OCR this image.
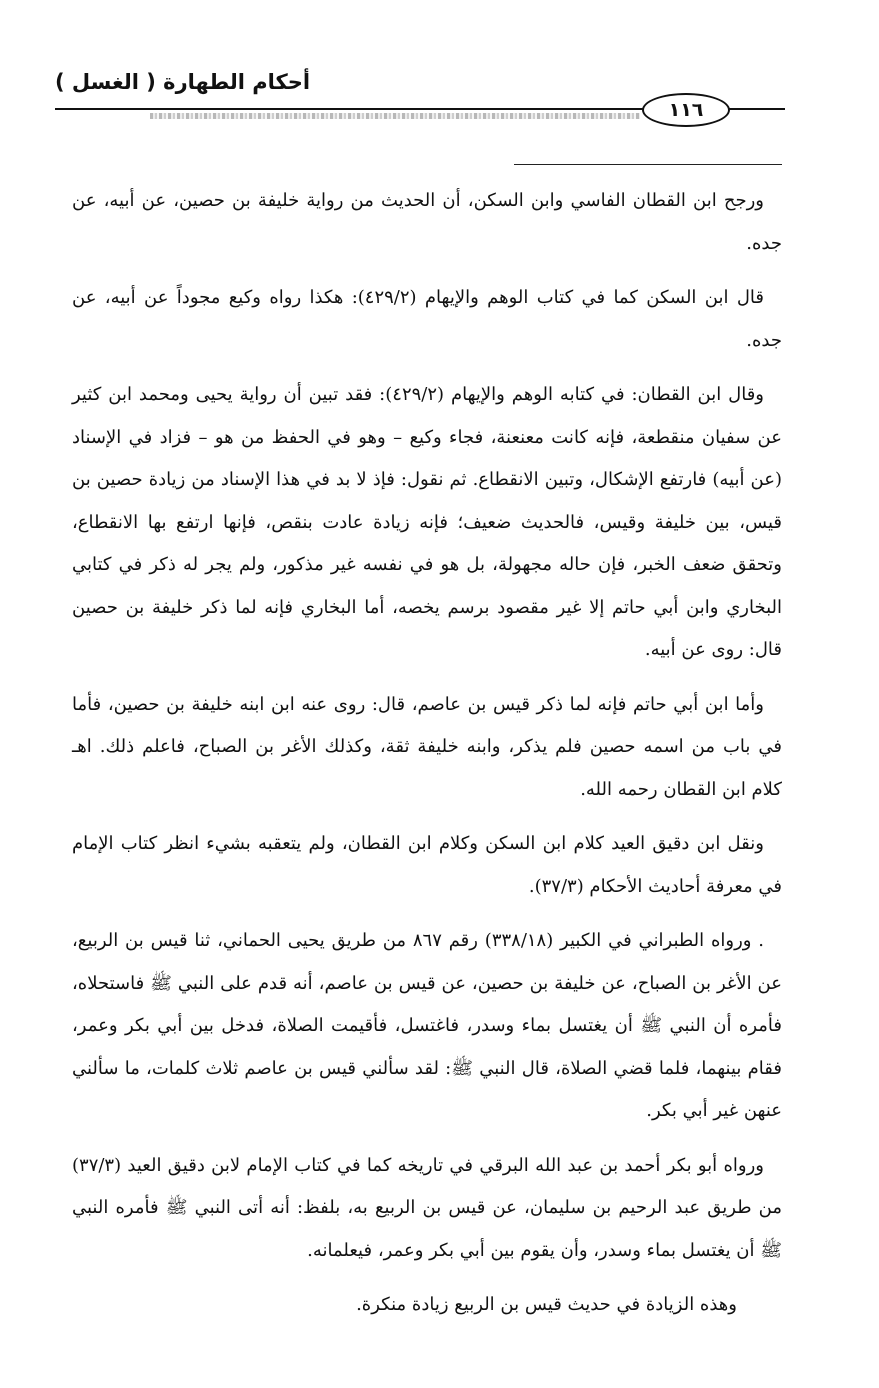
أحكام الطهارة ( الغسل )
١١٦

ورجح ابن القطان الفاسي وابن السكن، أن الحديث من رواية خليفة بن حصين، عن أبيه، عن جده.

قال ابن السكن كما في كتاب الوهم والإيهام (٤٢٩/٢): هكذا رواه وكيع مجوداً عن أبيه، عن جده.

وقال ابن القطان: في كتابه الوهم والإيهام (٤٢٩/٢): فقد تبين أن رواية يحيى ومحمد ابن كثير عن سفيان منقطعة، فإنه كانت معنعنة، فجاء وكيع – وهو في الحفظ من هو – فزاد في الإسناد (عن أبيه) فارتفع الإشكال، وتبين الانقطاع. ثم نقول: فإذ لا بد في هذا الإسناد من زيادة حصين بن قيس، بين خليفة وقيس، فالحديث ضعيف؛ فإنه زيادة عادت بنقص، فإنها ارتفع بها الانقطاع، وتحقق ضعف الخبر، فإن حاله مجهولة، بل هو في نفسه غير مذكور، ولم يجر له ذكر في كتابي البخاري وابن أبي حاتم إلا غير مقصود برسم يخصه، أما البخاري فإنه لما ذكر خليفة بن حصين قال: روى عن أبيه.

وأما ابن أبي حاتم فإنه لما ذكر قيس بن عاصم، قال: روى عنه ابن ابنه خليفة بن حصين، فأما في باب من اسمه حصين فلم يذكر، وابنه خليفة ثقة، وكذلك الأغر بن الصباح، فاعلم ذلك. اهـ كلام ابن القطان رحمه الله.

ونقل ابن دقيق العيد كلام ابن السكن وكلام ابن القطان، ولم يتعقبه بشيء انظر كتاب الإمام في معرفة أحاديث الأحكام (٣٧/٣).

. ورواه الطبراني في الكبير (٣٣٨/١٨) رقم ٨٦٧ من طريق يحيى الحماني، ثنا قيس بن الربيع، عن الأغر بن الصباح، عن خليفة بن حصين، عن قيس بن عاصم، أنه قدم على النبي ﷺ فاستحلاه، فأمره أن النبي ﷺ أن يغتسل بماء وسدر، فاغتسل، فأقيمت الصلاة، فدخل بين أبي بكر وعمر، فقام بينهما، فلما قضي الصلاة، قال النبي ﷺ: لقد سألني قيس بن عاصم ثلاث كلمات، ما سألني عنهن غير أبي بكر.

ورواه أبو بكر أحمد بن عبد الله البرقي في تاريخه كما في كتاب الإمام لابن دقيق العيد (٣٧/٣) من طريق عبد الرحيم بن سليمان، عن قيس بن الربيع به، بلفظ: أنه أتى النبي ﷺ فأمره النبي ﷺ أن يغتسل بماء وسدر، وأن يقوم بين أبي بكر وعمر، فيعلمانه.

وهذه الزيادة في حديث قيس بن الربيع زيادة منكرة.
